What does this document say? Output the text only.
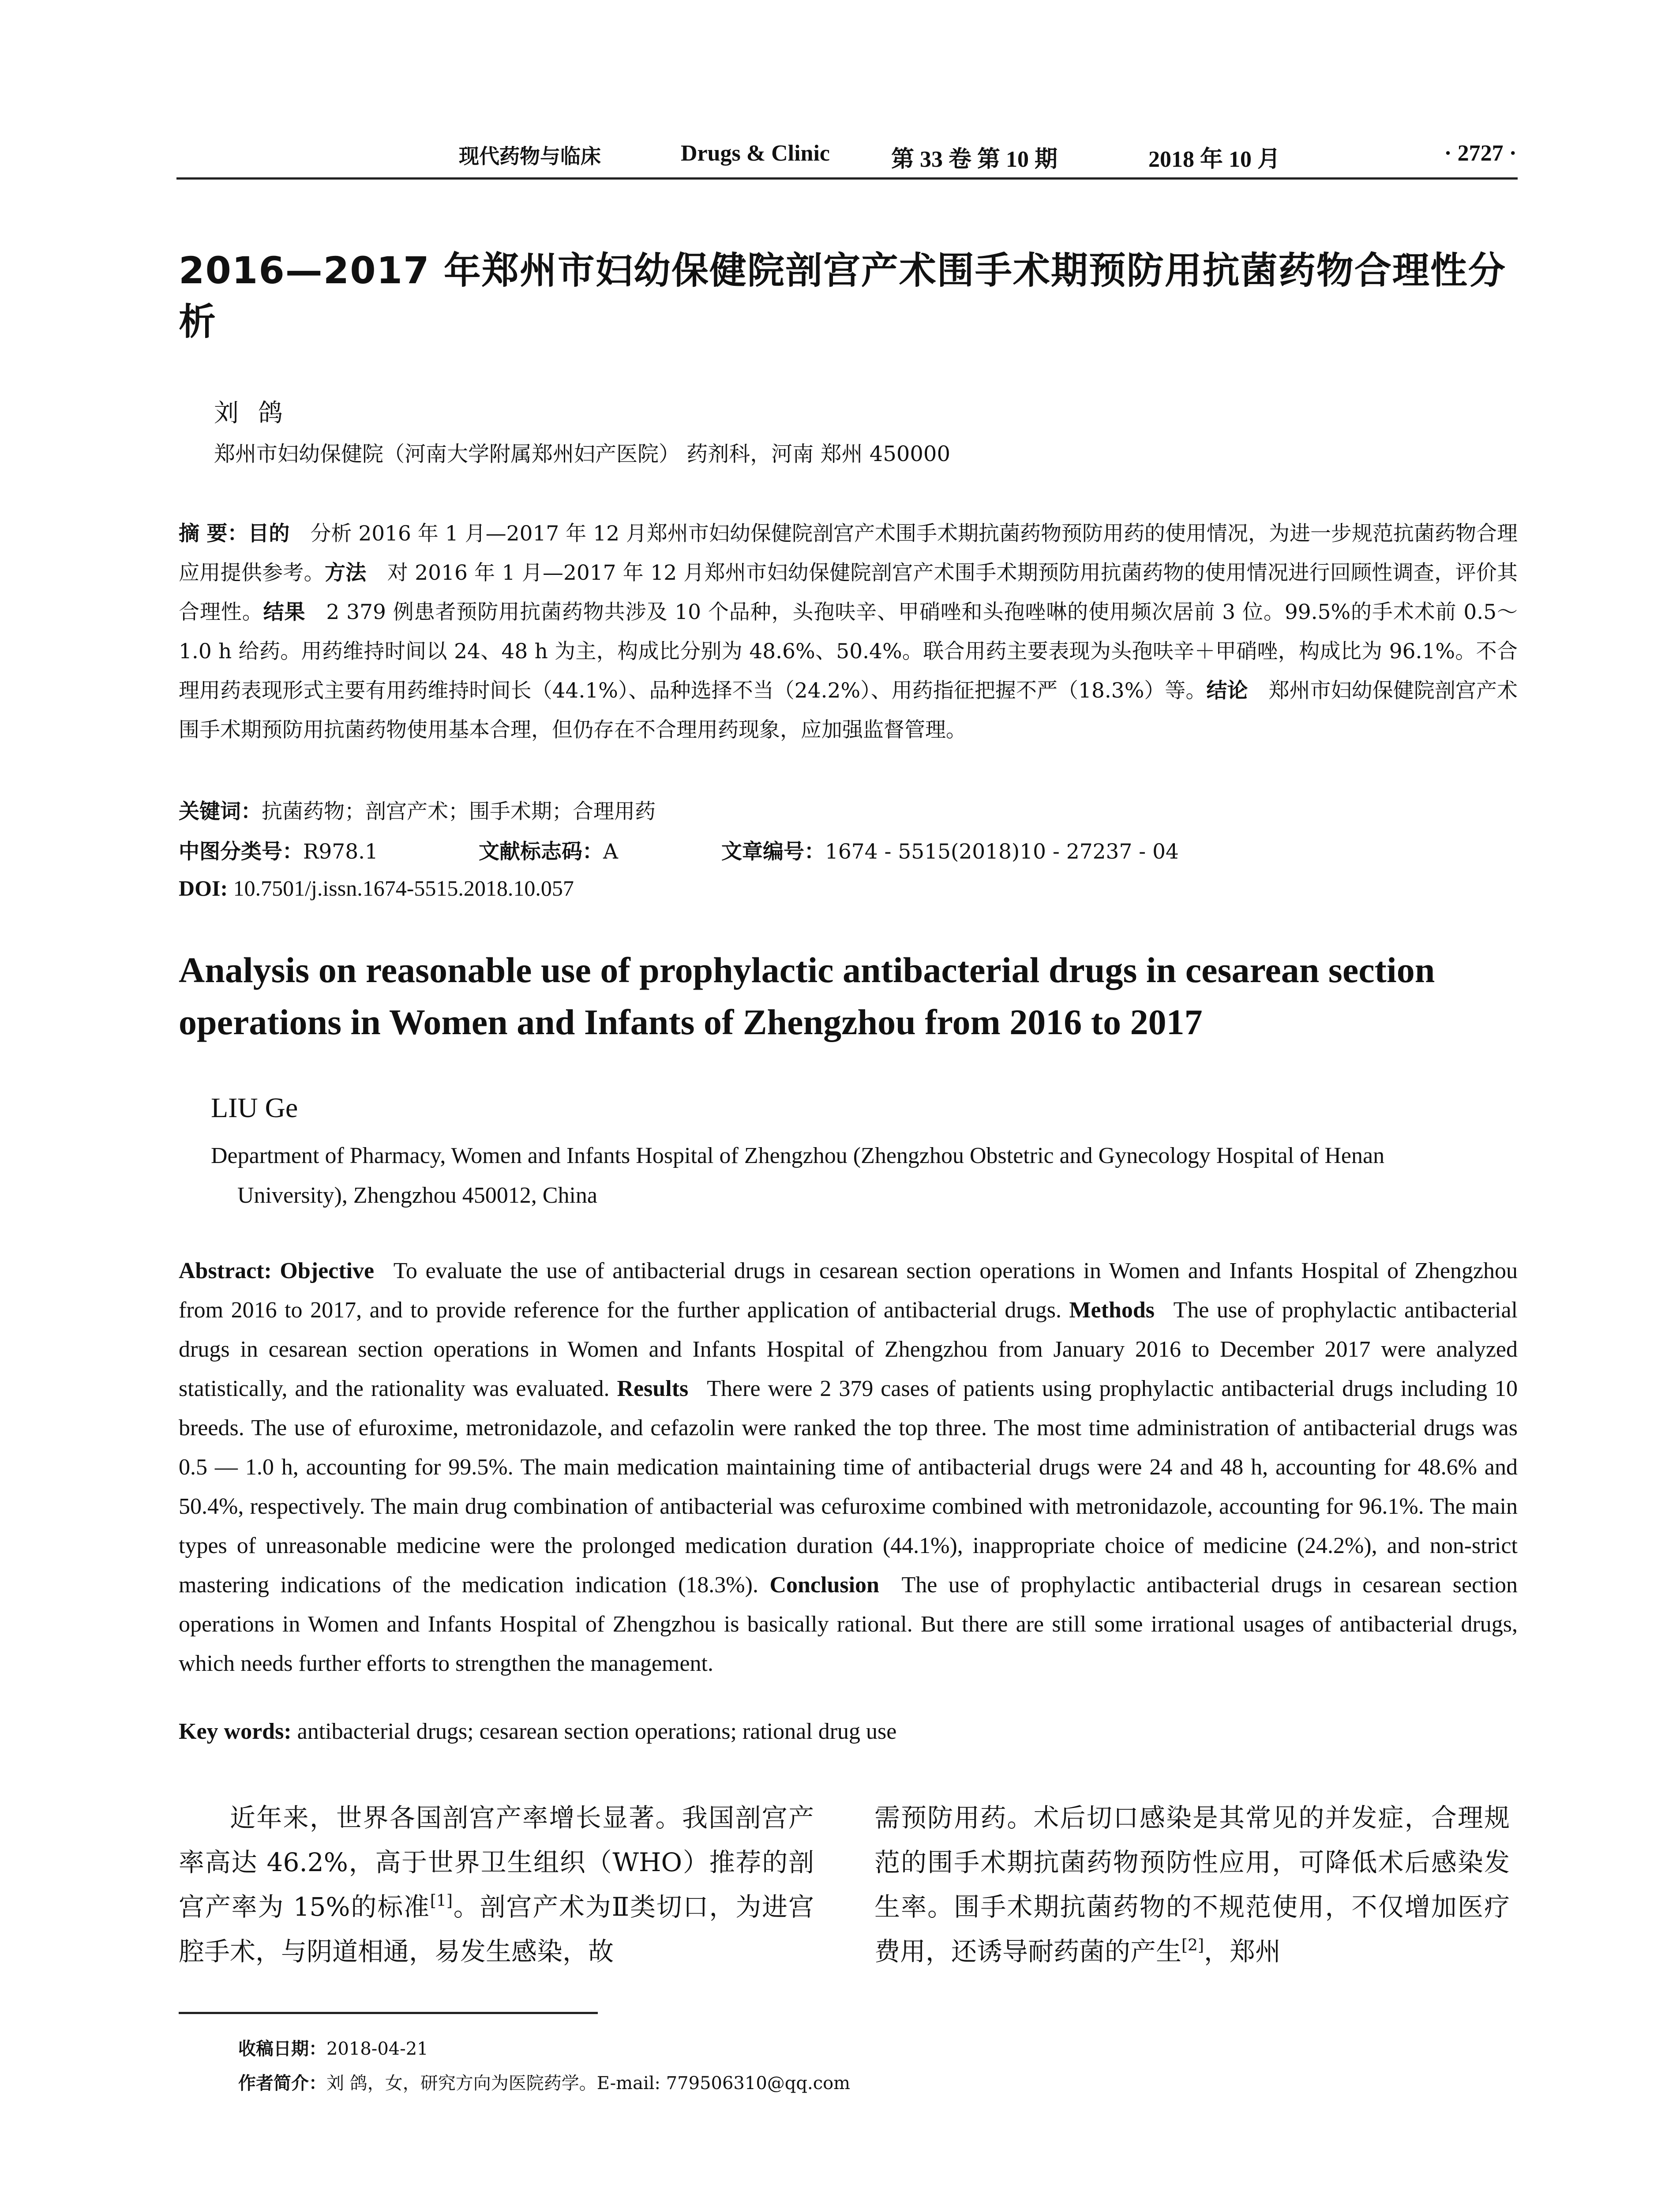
现代药物与临床	Drugs & Clinic	第 33 卷 第 10 期	2018 年 10 月	· 2727 ·
2016—2017 年郑州市妇幼保健院剖宫产术围手术期预防用抗菌药物合理性分析
刘鸽
郑州市妇幼保健院（河南大学附属郑州妇产医院） 药剂科，河南 郑州 450000
摘 要：目的  分析 2016 年 1 月—2017 年 12 月郑州市妇幼保健院剖宫产术围手术期抗菌药物预防用药的使用情况，为进一步规范抗菌药物合理应用提供参考。方法  对 2016 年 1 月—2017 年 12 月郑州市妇幼保健院剖宫产术围手术期预防用抗菌药物的使用情况进行回顾性调查，评价其合理性。结果  2 379 例患者预防用抗菌药物共涉及 10 个品种，头孢呋辛、甲硝唑和头孢唑啉的使用频次居前 3 位。99.5%的手术术前 0.5～1.0 h 给药。用药维持时间以 24、48 h 为主，构成比分别为 48.6%、50.4%。联合用药主要表现为头孢呋辛＋甲硝唑，构成比为 96.1%。不合理用药表现形式主要有用药维持时间长（44.1%）、品种选择不当（24.2%）、用药指征把握不严（18.3%）等。结论  郑州市妇幼保健院剖宫产术围手术期预防用抗菌药物使用基本合理，但仍存在不合理用药现象，应加强监督管理。
关键词：抗菌药物；剖宫产术；围手术期；合理用药
中图分类号：R978.1	文献标志码：A	文章编号：1674 - 5515(2018)10 - 27237 - 04
DOI: 10.7501/j.issn.1674-5515.2018.10.057
Analysis on reasonable use of prophylactic antibacterial drugs in cesarean section operations in Women and Infants of Zhengzhou from 2016 to 2017
LIU Ge
Department of Pharmacy, Women and Infants Hospital of Zhengzhou (Zhengzhou Obstetric and Gynecology Hospital of Henan
University), Zhengzhou 450012, China
Abstract: Objective  To evaluate the use of antibacterial drugs in cesarean section operations in Women and Infants Hospital of Zhengzhou from 2016 to 2017, and to provide reference for the further application of antibacterial drugs. Methods  The use of prophylactic antibacterial drugs in cesarean section operations in Women and Infants Hospital of Zhengzhou from January 2016 to December 2017 were analyzed statistically, and the rationality was evaluated. Results  There were 2 379 cases of patients using prophylactic antibacterial drugs including 10 breeds. The use of efuroxime, metronidazole, and cefazolin were ranked the top three. The most time administration of antibacterial drugs was 0.5 — 1.0 h, accounting for 99.5%. The main medication maintaining time of antibacterial drugs were 24 and 48 h, accounting for 48.6% and 50.4%, respectively. The main drug combination of antibacterial was cefuroxime combined with metronidazole, accounting for 96.1%. The main types of unreasonable medicine were the prolonged medication duration (44.1%), inappropriate choice of medicine (24.2%), and non-strict mastering indications of the medication indication (18.3%). Conclusion  The use of prophylactic antibacterial drugs in cesarean section operations in Women and Infants Hospital of Zhengzhou is basically rational. But there are still some irrational usages of antibacterial drugs, which needs further efforts to strengthen the management.
Key words: antibacterial drugs; cesarean section operations; rational drug use
近年来，世界各国剖宫产率增长显著。我国剖宫产率高达 46.2%，高于世界卫生组织（WHO）推荐的剖宫产率为 15%的标准[1]。剖宫产术为Ⅱ类切口，为进宫腔手术，与阴道相通，易发生感染，故
需预防用药。术后切口感染是其常见的并发症，合理规范的围手术期抗菌药物预防性应用，可降低术后感染发生率。围手术期抗菌药物的不规范使用，不仅增加医疗费用，还诱导耐药菌的产生[2]，郑州
收稿日期：2018-04-21
作者简介：刘 鸽，女，研究方向为医院药学。E-mail: 779506310@qq.com
